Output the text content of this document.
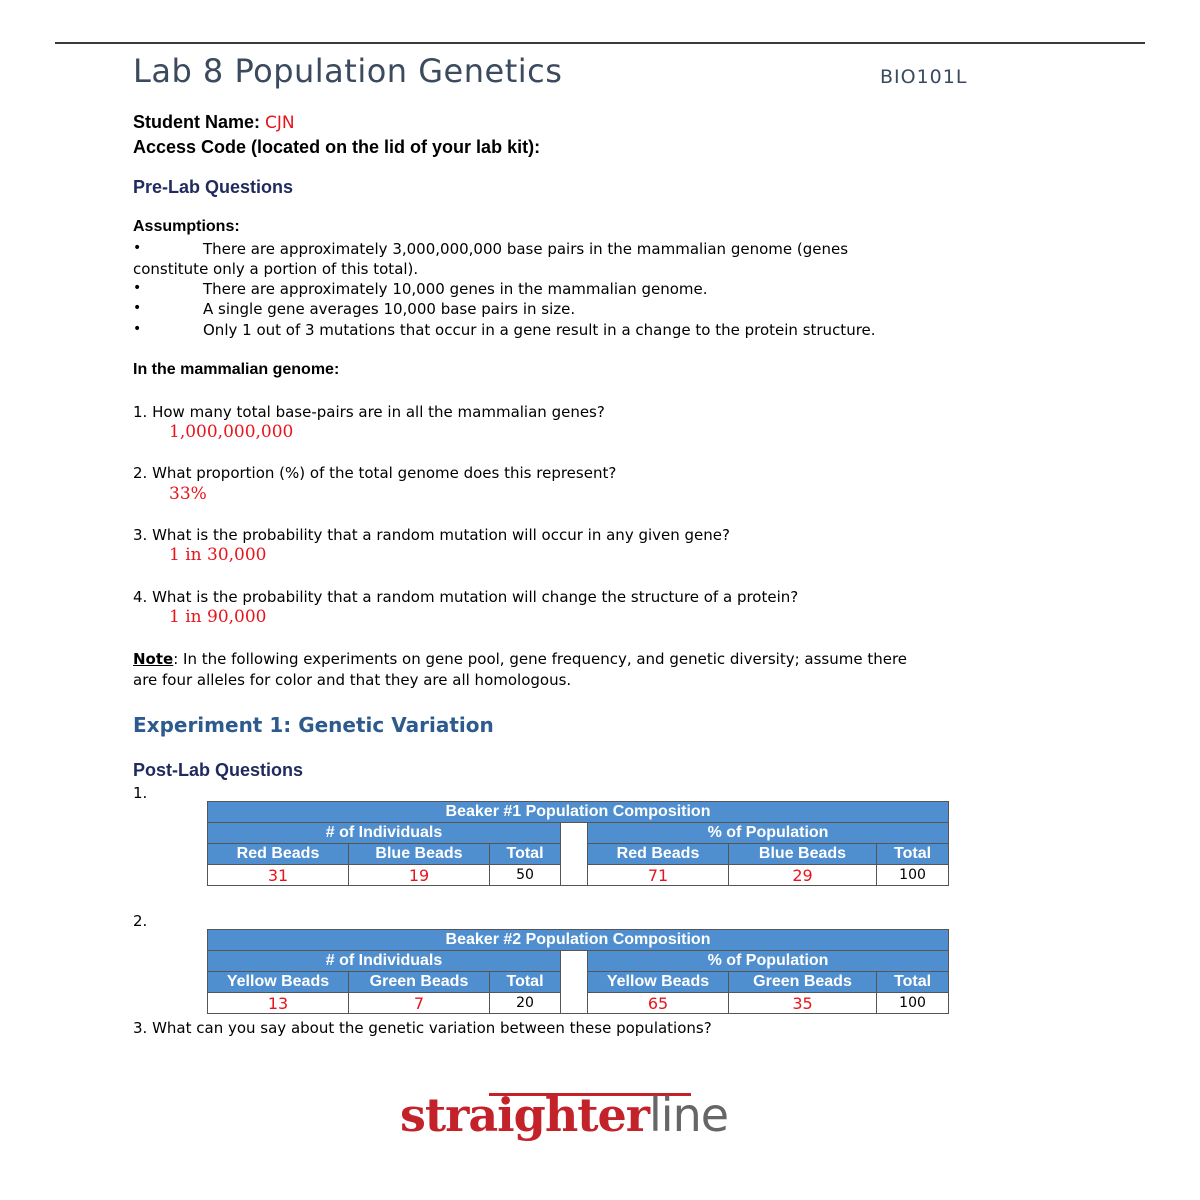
Lab 8 Population Genetics	BIO101L
Student Name: CJN
Access Code (located on the lid of your lab kit):
Pre-Lab Questions
Assumptions:
•	There are approximately 3,000,000,000 base pairs in the mammalian genome (genes
constitute only a portion of this total).
•	There are approximately 10,000 genes in the mammalian genome.
•	A single gene averages 10,000 base pairs in size.
•	Only 1 out of 3 mutations that occur in a gene result in a change to the protein structure.
In the mammalian genome:
1. How many total base-pairs are in all the mammalian genes?
1,000,000,000
2. What proportion (%) of the total genome does this represent?
33%
3. What is the probability that a random mutation will occur in any given gene?
1 in 30,000
4. What is the probability that a random mutation will change the structure of a protein?
1 in 90,000
Note: In the following experiments on gene pool, gene frequency, and genetic diversity; assume there
are four alleles for color and that they are all homologous.
Experiment 1: Genetic Variation
Post-Lab Questions
1.
Beaker #1 Population Composition						
# of Individuals				% of Population		
Red Beads	Blue Beads	Total		Red Beads	Blue Beads	Total
31	19	50		71	29	100
2.
Beaker #2 Population Composition						
# of Individuals				% of Population		
Yellow Beads	Green Beads	Total		Yellow Beads	Green Beads	Total
13	7	20		65	35	100
3. What can you say about the genetic variation between these populations?
straighterline
